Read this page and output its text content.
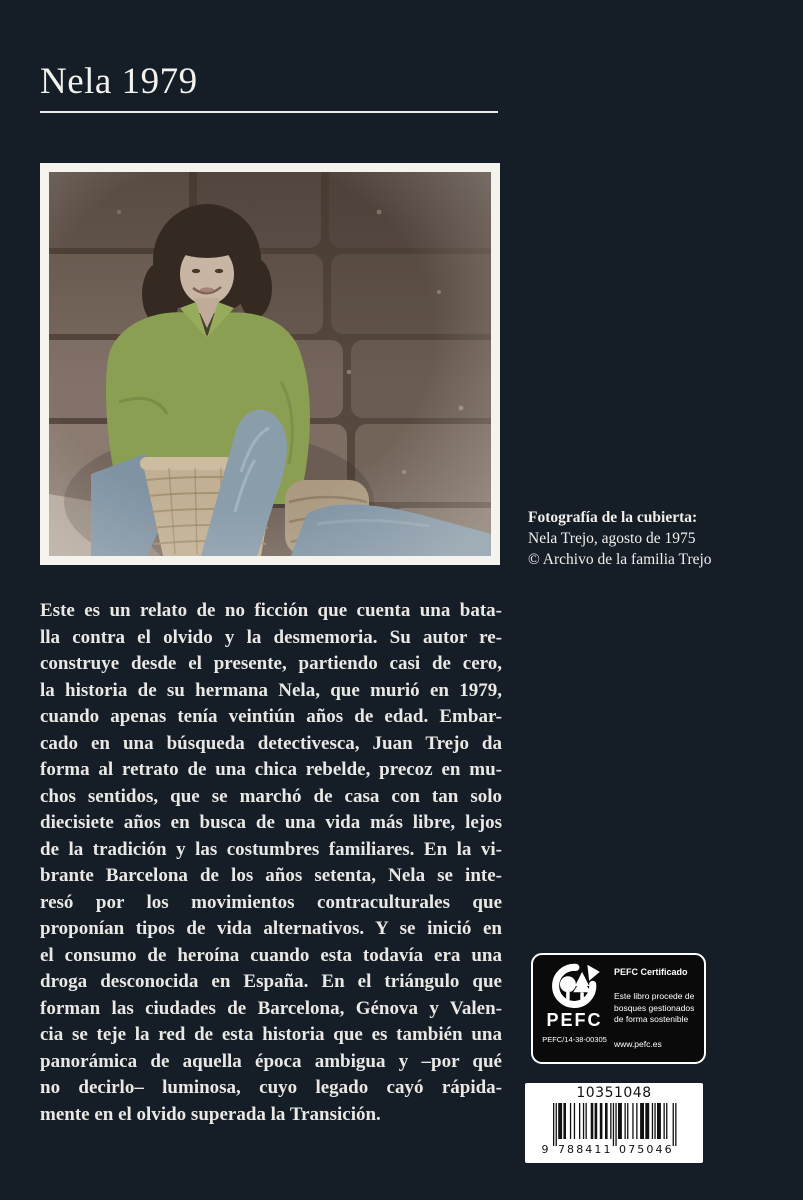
Nela 1979
Fotografía de la cubierta:
Nela Trejo, agosto de 1975
© Archivo de la familia Trejo
Este es un relato de no ficción que cuenta una bata-
lla contra el olvido y la desmemoria. Su autor re-
construye desde el presente, partiendo casi de cero,
la historia de su hermana Nela, que murió en 1979,
cuando apenas tenía veintiún años de edad. Embar-
cado en una búsqueda detectivesca, Juan Trejo da
forma al retrato de una chica rebelde, precoz en mu-
chos sentidos, que se marchó de casa con tan solo
diecisiete años en busca de una vida más libre, lejos
de la tradición y las costumbres familiares. En la vi-
brante Barcelona de los años setenta, Nela se inte-
resó por los movimientos contraculturales que
proponían tipos de vida alternativos. Y se inició en
el consumo de heroína cuando esta todavía era una
droga desconocida en España. En el triángulo que
forman las ciudades de Barcelona, Génova y Valen-
cia se teje la red de esta historia que es también una
panorámica de aquella época ambigua y –por qué
no decirlo– luminosa, cuyo legado cayó rápida-
mente en el olvido superada la Transición.
PEFC
PEFC/14-38-00305
PEFC Certificado
Este libro procede de bosques gestionados de forma sostenible
www.pefc.es
10351048
9 7 8 8 4 1 1 0 7 5 0 4 6
